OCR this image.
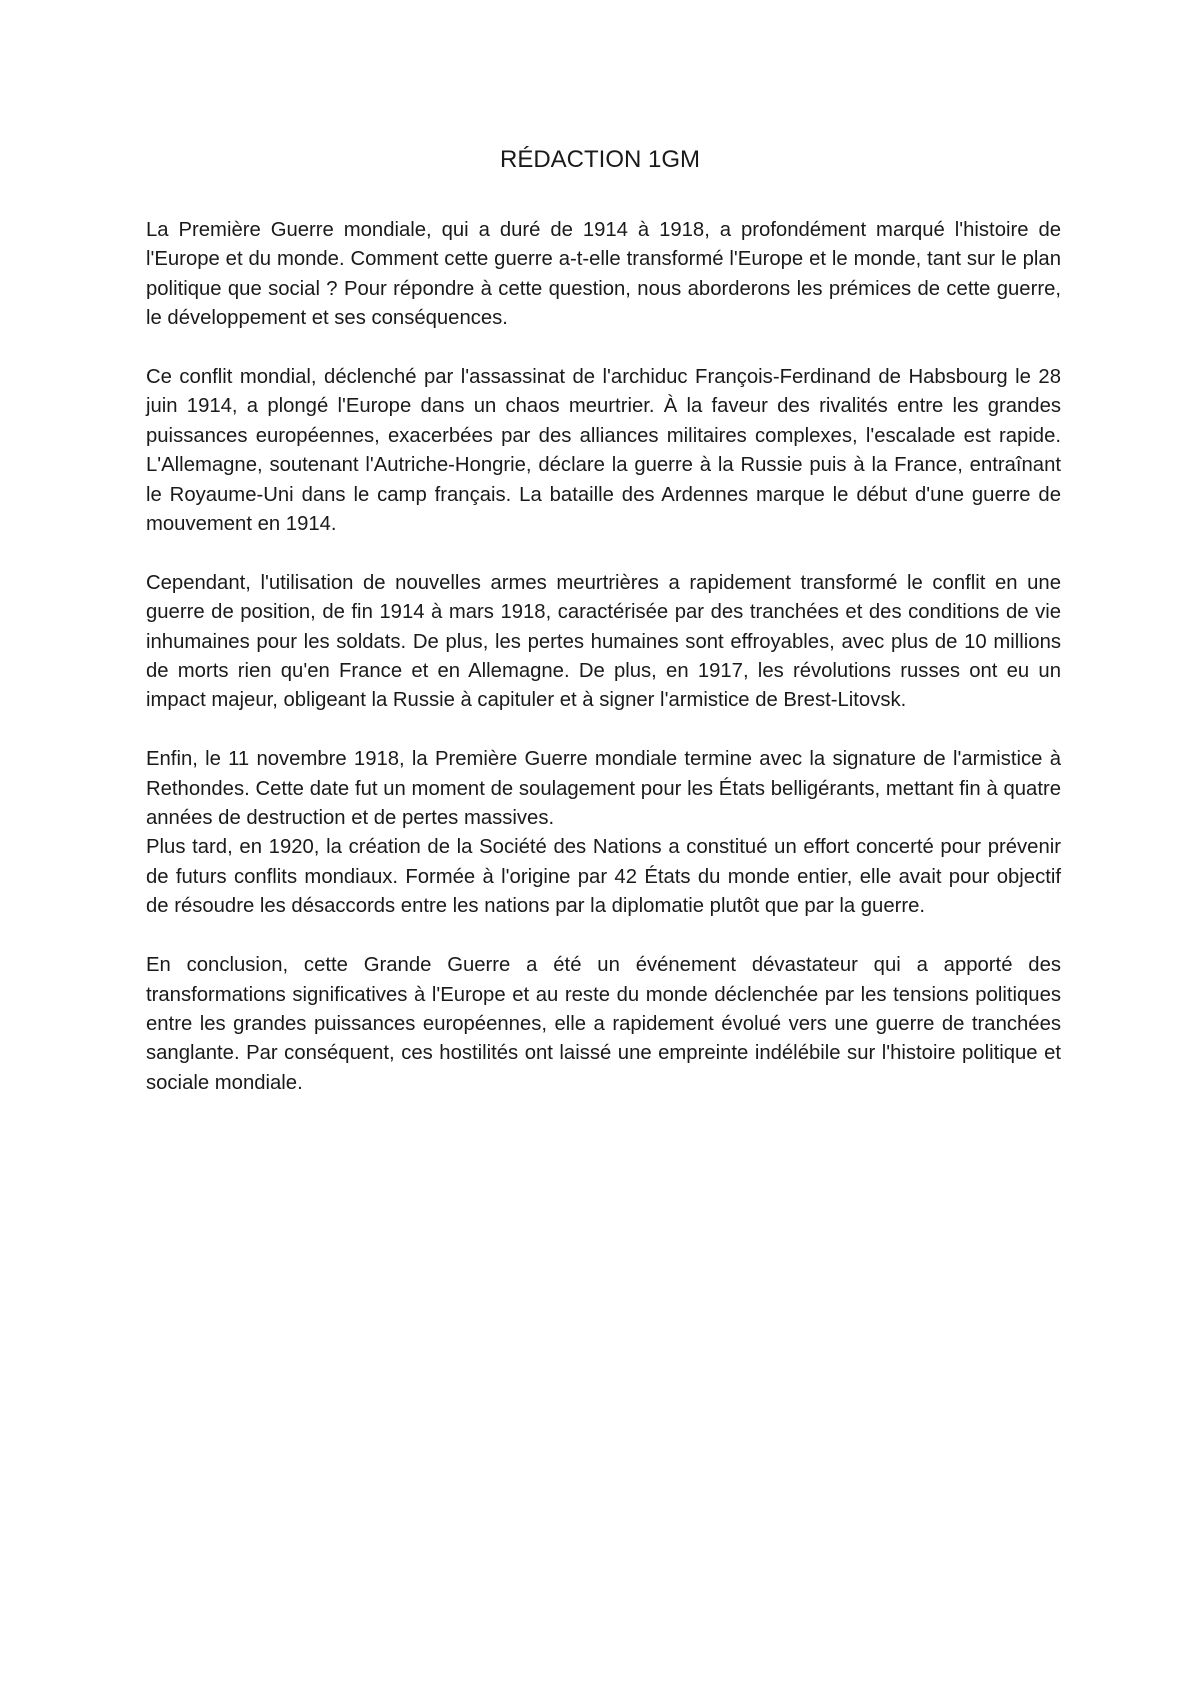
RÉDACTION 1GM

La Première Guerre mondiale, qui a duré de 1914 à 1918, a profondément marqué l'histoire de l'Europe et du monde. Comment cette guerre a-t-elle transformé l'Europe et le monde, tant sur le plan politique que social ? Pour répondre à cette question, nous aborderons les prémices de cette guerre, le développement et ses conséquences.

Ce conflit mondial, déclenché par l'assassinat de l'archiduc François-Ferdinand de Habsbourg le 28 juin 1914, a plongé l'Europe dans un chaos meurtrier. À la faveur des rivalités entre les grandes puissances européennes, exacerbées par des alliances militaires complexes, l'escalade est rapide. L'Allemagne, soutenant l'Autriche-Hongrie, déclare la guerre à la Russie puis à la France, entraînant le Royaume-Uni dans le camp français. La bataille des Ardennes marque le début d'une guerre de mouvement en 1914.

Cependant, l'utilisation de nouvelles armes meurtrières a rapidement transformé le conflit en une guerre de position, de fin 1914 à mars 1918, caractérisée par des tranchées et des conditions de vie inhumaines pour les soldats. De plus, les pertes humaines sont effroyables, avec plus de 10 millions de morts rien qu'en France et en Allemagne. De plus, en 1917, les révolutions russes ont eu un impact majeur, obligeant la Russie à capituler et à signer l'armistice de Brest-Litovsk.

Enfin, le 11 novembre 1918, la Première Guerre mondiale termine avec la signature de l'armistice à Rethondes. Cette date fut un moment de soulagement pour les États belligérants, mettant fin à quatre années de destruction et de pertes massives.

Plus tard, en 1920, la création de la Société des Nations a constitué un effort concerté pour prévenir de futurs conflits mondiaux. Formée à l'origine par 42 États du monde entier, elle avait pour objectif de résoudre les désaccords entre les nations par la diplomatie plutôt que par la guerre.

En conclusion, cette Grande Guerre a été un événement dévastateur qui a apporté des transformations significatives à l'Europe et au reste du monde déclenchée par les tensions politiques entre les grandes puissances européennes, elle a rapidement évolué vers une guerre de tranchées sanglante. Par conséquent, ces hostilités ont laissé une empreinte indélébile sur l'histoire politique et sociale mondiale.
